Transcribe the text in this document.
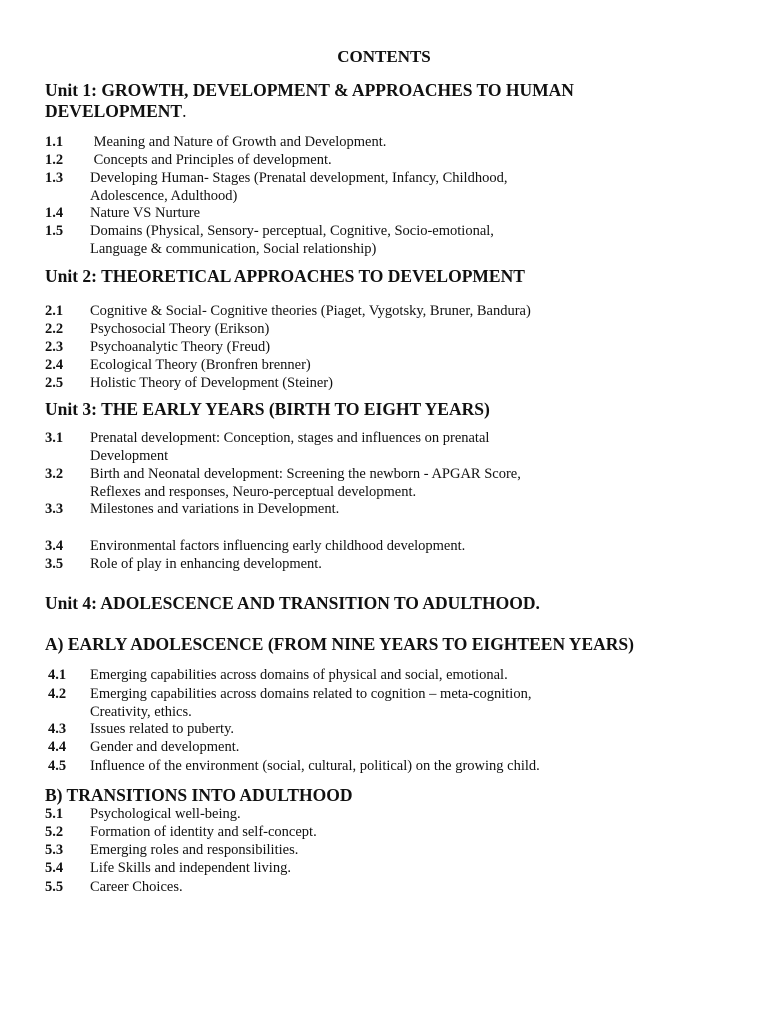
CONTENTS
Unit 1: GROWTH, DEVELOPMENT & APPROACHES TO HUMAN
DEVELOPMENT.
1.1 Meaning and Nature of Growth and Development.
1.2 Concepts and Principles of development.
1.3 Developing Human- Stages (Prenatal development, Infancy, Childhood,
Adolescence, Adulthood)
1.4 Nature VS Nurture
1.5 Domains (Physical, Sensory- perceptual, Cognitive, Socio-emotional,
Language & communication, Social relationship)
Unit 2: THEORETICAL APPROACHES TO DEVELOPMENT
2.1 Cognitive & Social- Cognitive theories (Piaget, Vygotsky, Bruner, Bandura)
2.2 Psychosocial Theory (Erikson)
2.3 Psychoanalytic Theory (Freud)
2.4 Ecological Theory (Bronfren brenner)
2.5 Holistic Theory of Development (Steiner)
Unit 3: THE EARLY YEARS (BIRTH TO EIGHT YEARS)
3.1 Prenatal development: Conception, stages and influences on prenatal
Development
3.2 Birth and Neonatal development: Screening the newborn - APGAR Score,
Reflexes and responses, Neuro-perceptual development.
3.3 Milestones and variations in Development.
3.4 Environmental factors influencing early childhood development.
3.5 Role of play in enhancing development.
Unit 4: ADOLESCENCE AND TRANSITION TO ADULTHOOD.
A) EARLY ADOLESCENCE (FROM NINE YEARS TO EIGHTEEN YEARS)
4.1 Emerging capabilities across domains of physical and social, emotional.
4.2 Emerging capabilities across domains related to cognition – meta-cognition,
Creativity, ethics.
4.3 Issues related to puberty.
4.4 Gender and development.
4.5 Influence of the environment (social, cultural, political) on the growing child.
B) TRANSITIONS INTO ADULTHOOD
5.1 Psychological well-being.
5.2 Formation of identity and self-concept.
5.3 Emerging roles and responsibilities.
5.4 Life Skills and independent living.
5.5 Career Choices.
